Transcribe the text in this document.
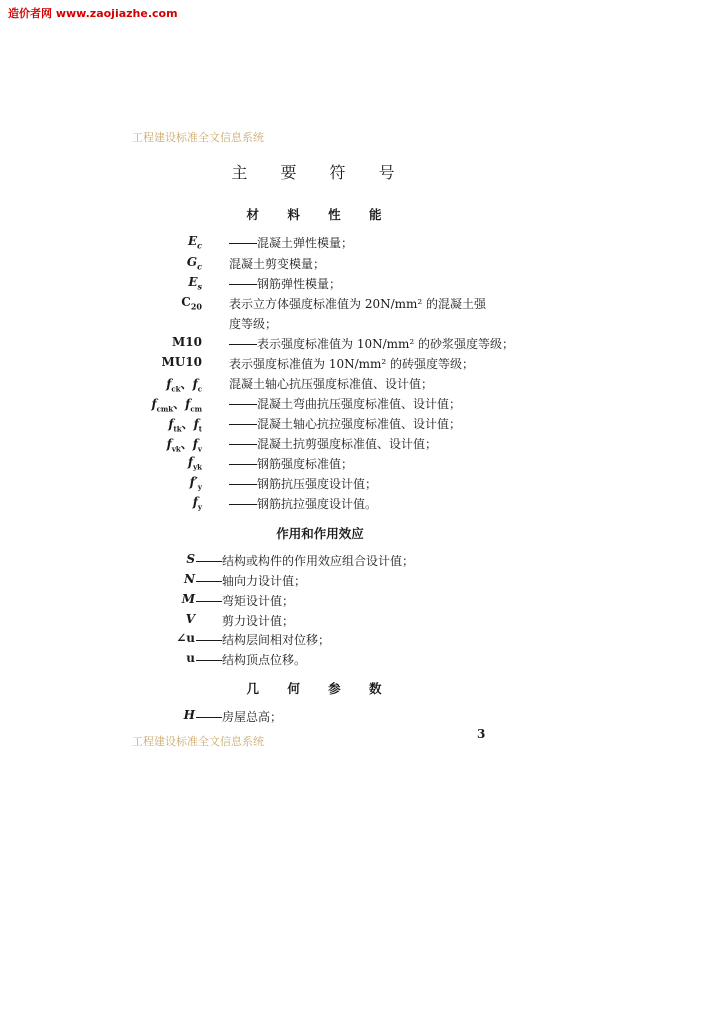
造价者网 www.zaojiazhe.com
工程建设标准全文信息系统
主 要 符 号
材 料 性 能
混凝土弹性模量；
$E_c$
混凝土剪变模量；
$G_c$
钢筋弹性模量；
$E_s$
表示立方体强度标准值为 20N/mm² 的混凝土强
$C_{20}$
度等级；
表示强度标准值为 10N/mm² 的砂浆强度等级；
M10
表示强度标准值为 10N/mm² 的砖强度等级；
MU10
混凝土轴心抗压强度标准值、设计值；
$f_{ck}$、$f_c$
混凝土弯曲抗压强度标准值、设计值；
$f_{cmk}$、$f_{cm}$
混凝土轴心抗拉强度标准值、设计值；
$f_{tk}$、$f_t$
混凝土抗剪强度标准值、设计值；
$f_{vk}$、$f_v$
钢筋强度标准值；
$f_{yk}$
钢筋抗压强度设计值；
$f'_y$
钢筋抗拉强度设计值。
$f_y$
作用和作用效应
结构或构件的作用效应组合设计值；
S
轴向力设计值；
N
弯矩设计值；
M
剪力设计值；
V
结构层间相对位移；
∠u
结构顶点位移。
u
几 何 参 数
房屋总高；
H
工程建设标准全文信息系统
3
